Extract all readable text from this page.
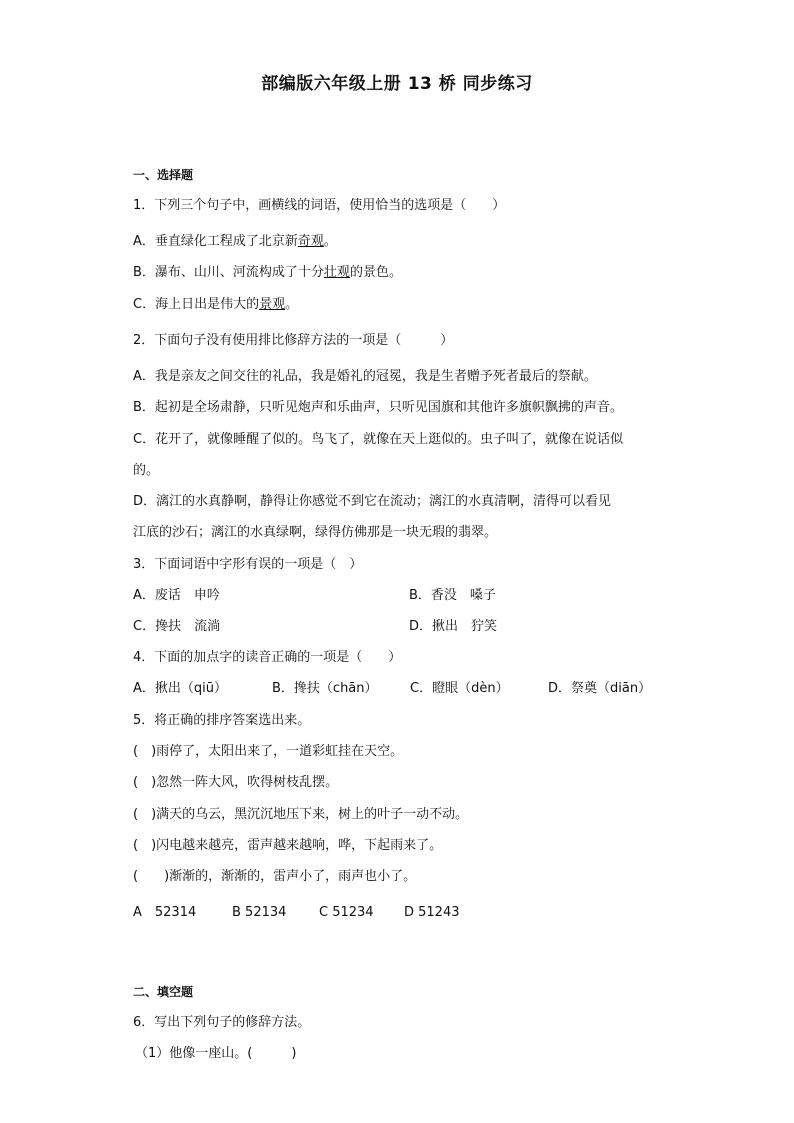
部编版六年级上册 13 桥 同步练习
一、选择题
1．下列三个句子中，画横线的词语，使用恰当的选项是（　　）
A．垂直绿化工程成了北京新奇观。
B．瀑布、山川、河流构成了十分壮观的景色。
C．海上日出是伟大的景观。
2．下面句子没有使用排比修辞方法的一项是（　　　）
A．我是亲友之间交往的礼品，我是婚礼的冠冕，我是生者赠予死者最后的祭献。
B．起初是全场肃静，只听见炮声和乐曲声，只听见国旗和其他许多旗帜飘拂的声音。
C．花开了，就像睡醒了似的。鸟飞了，就像在天上逛似的。虫子叫了，就像在说话似
的。
D．漓江的水真静啊，静得让你感觉不到它在流动；漓江的水真清啊，清得可以看见
江底的沙石；漓江的水真绿啊，绿得仿佛那是一块无瑕的翡翠。
3．下面词语中字形有误的一项是（　）
A．废话　申吟	B．香没　嗓子
C．搀扶　流淌	D．揪出　狞笑
4．下面的加点字的读音正确的一项是（　　）
A．揪出（qiū）	B．搀扶（chān） C．瞪眼（dèn）	D．祭奠（diān）
5．将正确的排序答案选出来。
(　)雨停了，太阳出来了，一道彩虹挂在天空。
(　)忽然一阵大风，吹得树枝乱摆。
(　)满天的乌云，黑沉沉地压下来，树上的叶子一动不动。
(　)闪电越来越亮，雷声越来越响，哗，下起雨来了。
(　　)渐渐的，渐渐的，雷声小了，雨声也小了。
A　52314	B 52134	C 51234 D 51243
二、填空题
6．写出下列句子的修辞方法。
（1）他像一座山。(　　　)
